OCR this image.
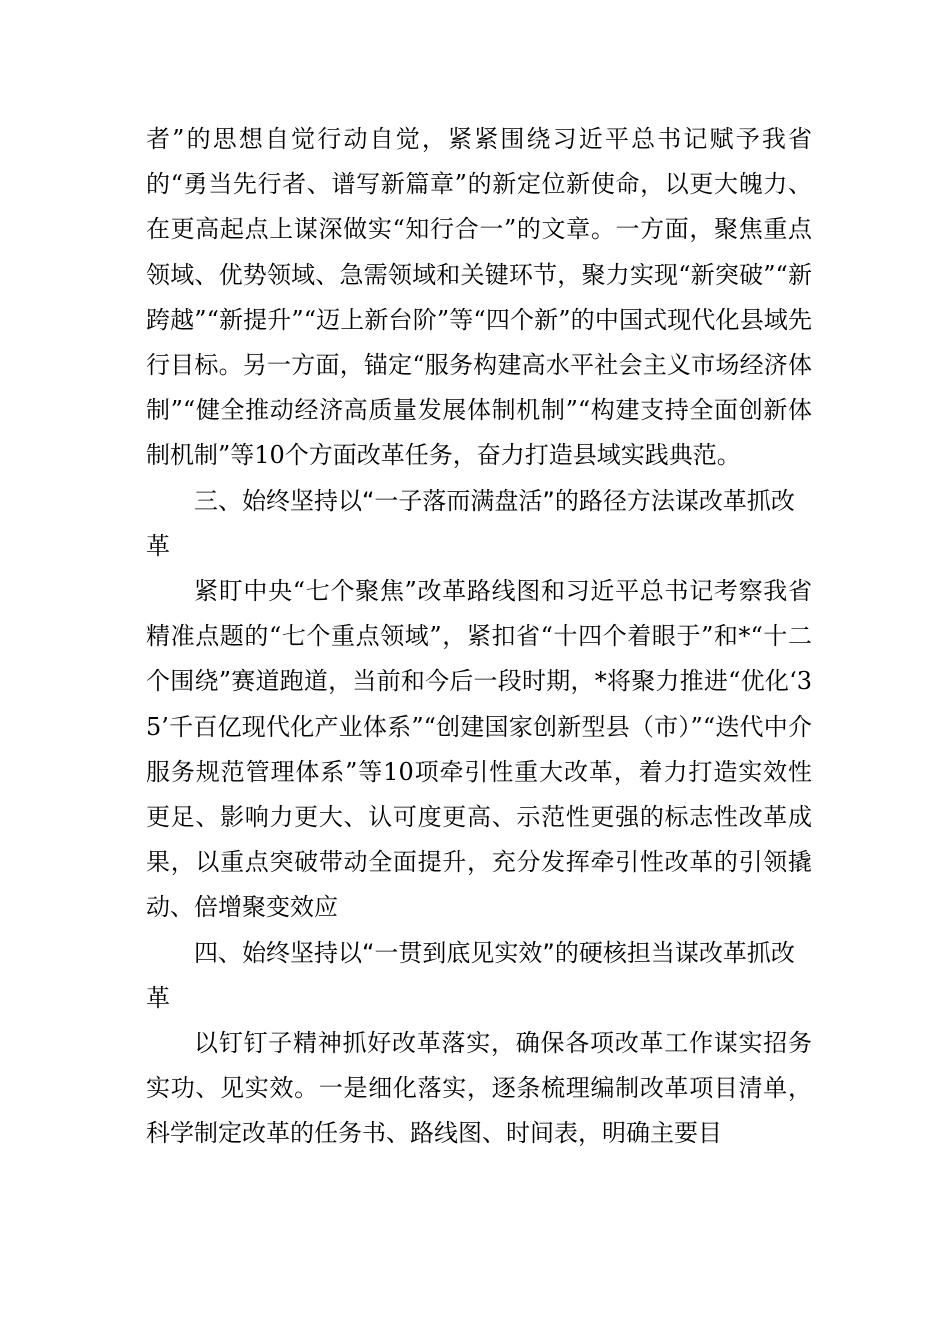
者”的思想自觉行动自觉，紧紧围绕习近平总书记赋予我省的“勇当先行者、谱写新篇章”的新定位新使命，以更大魄力、在更高起点上谋深做实“知行合一”的文章。一方面，聚焦重点领域、优势领域、急需领域和关键环节，聚力实现“新突破”“新跨越”“新提升”“迈上新台阶”等“四个新”的中国式现代化县域先行目标。另一方面，锚定“服务构建高水平社会主义市场经济体制”“健全推动经济高质量发展体制机制”“构建支持全面创新体制机制”等10个方面改革任务，奋力打造县域实践典范。

三、始终坚持以“一子落而满盘活”的路径方法谋改革抓改革

紧盯中央“七个聚焦”改革路线图和习近平总书记考察我省精准点题的“七个重点领域”，紧扣省“十四个着眼于”和*“十二个围绕”赛道跑道，当前和今后一段时期，*将聚力推进“优化‘35’千百亿现代化产业体系”“创建国家创新型县（市）”“迭代中介服务规范管理体系”等10项牵引性重大改革，着力打造实效性更足、影响力更大、认可度更高、示范性更强的标志性改革成果，以重点突破带动全面提升，充分发挥牵引性改革的引领撬动、倍增聚变效应

四、始终坚持以“一贯到底见实效”的硬核担当谋改革抓改革

以钉钉子精神抓好改革落实，确保各项改革工作谋实招务实功、见实效。一是细化落实，逐条梳理编制改革项目清单，科学制定改革的任务书、路线图、时间表，明确主要目
